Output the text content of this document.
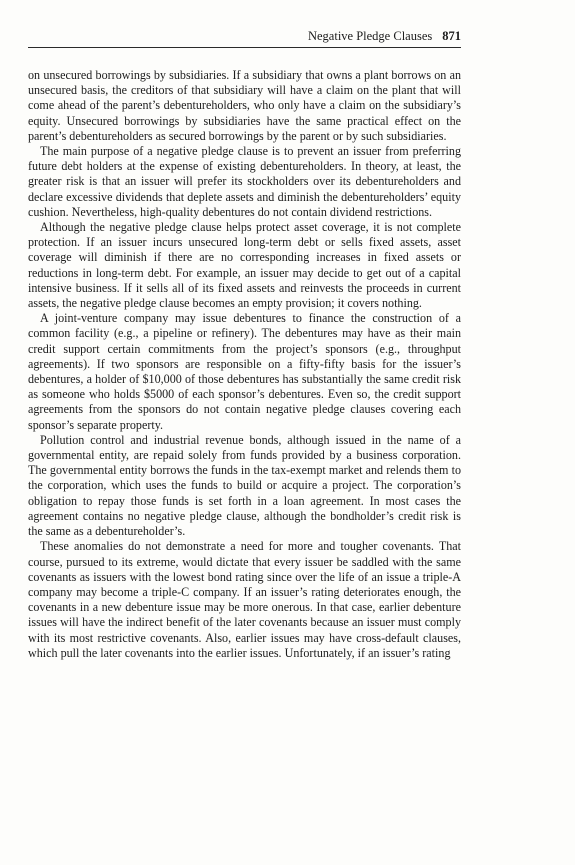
Negative Pledge Clauses 871

on unsecured borrowings by subsidiaries. If a subsidiary that owns a plant borrows on an unsecured basis, the creditors of that subsidiary will have a claim on the plant that will come ahead of the parent’s debentureholders, who only have a claim on the subsidiary’s equity. Unsecured borrowings by subsidiaries have the same practical effect on the parent’s debentureholders as secured borrowings by the parent or by such subsidiaries.

The main purpose of a negative pledge clause is to prevent an issuer from preferring future debt holders at the expense of existing debentureholders. In theory, at least, the greater risk is that an issuer will prefer its stockholders over its debentureholders and declare excessive dividends that deplete assets and diminish the debentureholders’ equity cushion. Nevertheless, high-quality debentures do not contain dividend restrictions.

Although the negative pledge clause helps protect asset coverage, it is not complete protection. If an issuer incurs unsecured long-term debt or sells fixed assets, asset coverage will diminish if there are no corresponding increases in fixed assets or reductions in long-term debt. For example, an issuer may decide to get out of a capital intensive business. If it sells all of its fixed assets and reinvests the proceeds in current assets, the negative pledge clause becomes an empty provision; it covers nothing.

A joint-venture company may issue debentures to finance the construction of a common facility (e.g., a pipeline or refinery). The debentures may have as their main credit support certain commitments from the project’s sponsors (e.g., throughput agreements). If two sponsors are responsible on a fifty-fifty basis for the issuer’s debentures, a holder of $10,000 of those debentures has substantially the same credit risk as someone who holds $5000 of each sponsor’s debentures. Even so, the credit support agreements from the sponsors do not contain negative pledge clauses covering each sponsor’s separate property.

Pollution control and industrial revenue bonds, although issued in the name of a governmental entity, are repaid solely from funds provided by a business corporation. The governmental entity borrows the funds in the tax-exempt market and relends them to the corporation, which uses the funds to build or acquire a project. The corporation’s obligation to repay those funds is set forth in a loan agreement. In most cases the agreement contains no negative pledge clause, although the bondholder’s credit risk is the same as a debentureholder’s.

These anomalies do not demonstrate a need for more and tougher covenants. That course, pursued to its extreme, would dictate that every issuer be saddled with the same covenants as issuers with the lowest bond rating since over the life of an issue a triple-A company may become a triple-C company. If an issuer’s rating deteriorates enough, the covenants in a new debenture issue may be more onerous. In that case, earlier debenture issues will have the indirect benefit of the later covenants because an issuer must comply with its most restrictive covenants. Also, earlier issues may have cross-default clauses, which pull the later covenants into the earlier issues. Unfortunately, if an issuer’s rating
